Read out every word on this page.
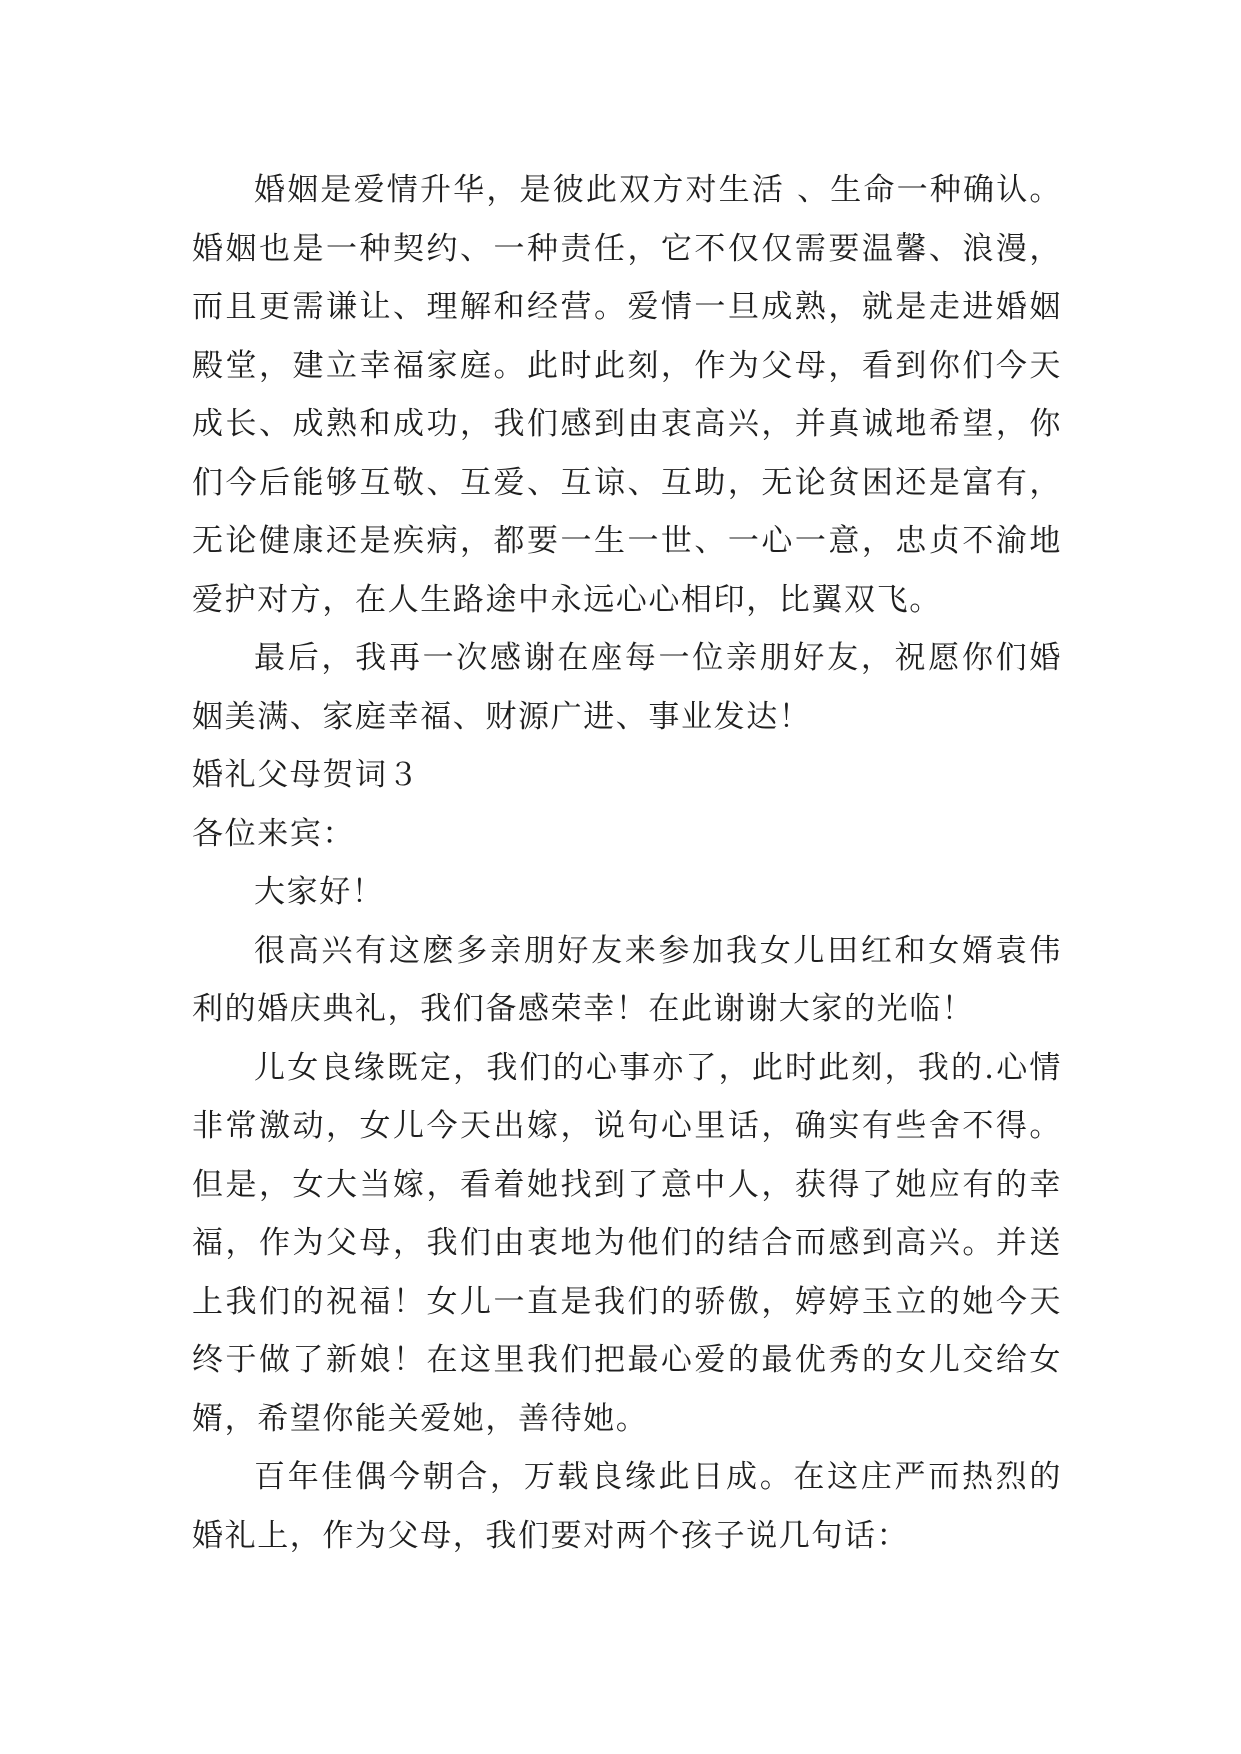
婚姻是爱情升华，是彼此双方对生活 、生命一种确认。婚姻也是一种契约、一种责任，它不仅仅需要温馨、浪漫，而且更需谦让、理解和经营。爱情一旦成熟，就是走进婚姻殿堂，建立幸福家庭。此时此刻，作为父母，看到你们今天成长、成熟和成功，我们感到由衷高兴，并真诚地希望，你们今后能够互敬、互爱、互谅、互助，无论贫困还是富有，无论健康还是疾病，都要一生一世、一心一意，忠贞不渝地爱护对方，在人生路途中永远心心相印，比翼双飞。

最后，我再一次感谢在座每一位亲朋好友，祝愿你们婚姻美满、家庭幸福、财源广进、事业发达！

婚礼父母贺词３

各位来宾：

大家好！

很高兴有这麽多亲朋好友来参加我女儿田红和女婿袁伟利的婚庆典礼，我们备感荣幸！在此谢谢大家的光临！

儿女良缘既定，我们的心事亦了，此时此刻，我的.心情非常激动，女儿今天出嫁，说句心里话，确实有些舍不得。但是，女大当嫁，看着她找到了意中人，获得了她应有的幸福，作为父母，我们由衷地为他们的结合而感到高兴。并送上我们的祝福！女儿一直是我们的骄傲，婷婷玉立的她今天终于做了新娘！在这里我们把最心爱的最优秀的女儿交给女婿，希望你能关爱她，善待她。

百年佳偶今朝合，万载良缘此日成。在这庄严而热烈的婚礼上，作为父母，我们要对两个孩子说几句话：
